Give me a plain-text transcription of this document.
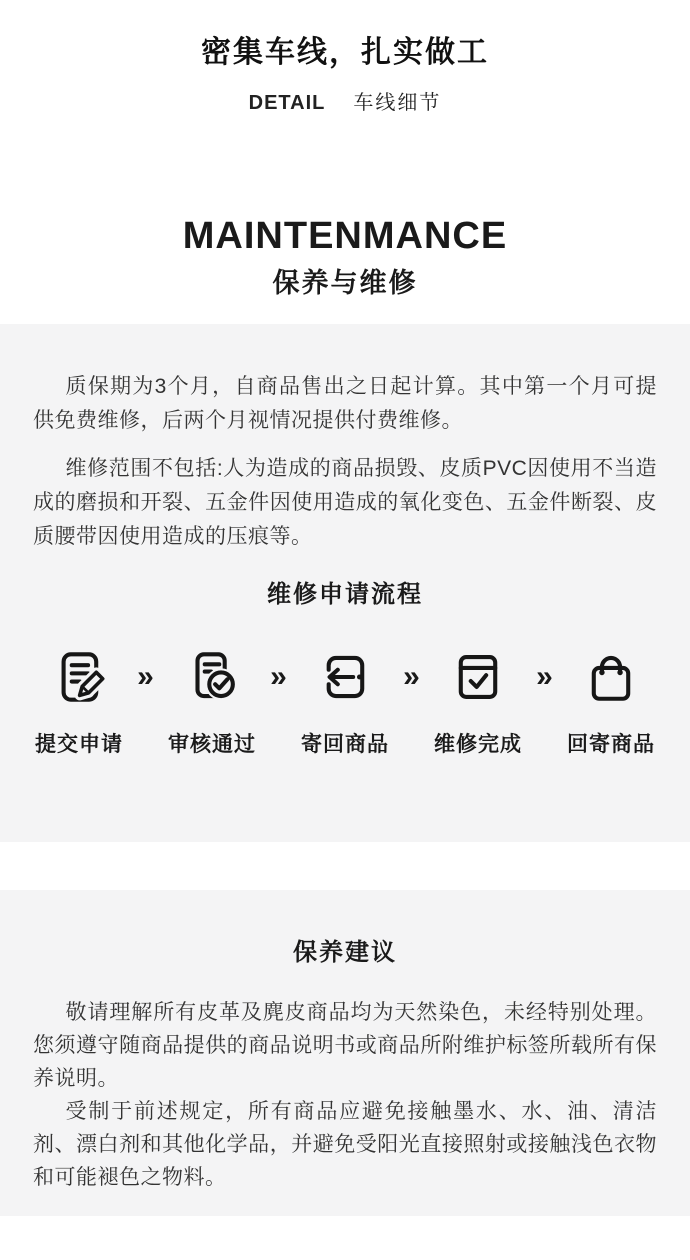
密集车线，扎实做工
DETAIL 车线细节
MAINTENMANCE
保养与维修

质保期为3个月，自商品售出之日起计算。其中第一个月可提供免费维修，后两个月视情况提供付费维修。

维修范围不包括:人为造成的商品损毁、皮质PVC因使用不当造成的磨损和开裂、五金件因使用造成的氧化变色、五金件断裂、皮质腰带因使用造成的压痕等。

维修申请流程
提交申请
»
审核通过
»
寄回商品
»
维修完成
»
回寄商品
保养建议

敬请理解所有皮革及麂皮商品均为天然染色，未经特别处理。您须遵守随商品提供的商品说明书或商品所附维护标签所载所有保养说明。

受制于前述规定，所有商品应避免接触墨水、水、油、清洁剂、漂白剂和其他化学品，并避免受阳光直接照射或接触浅色衣物和可能褪色之物料。
